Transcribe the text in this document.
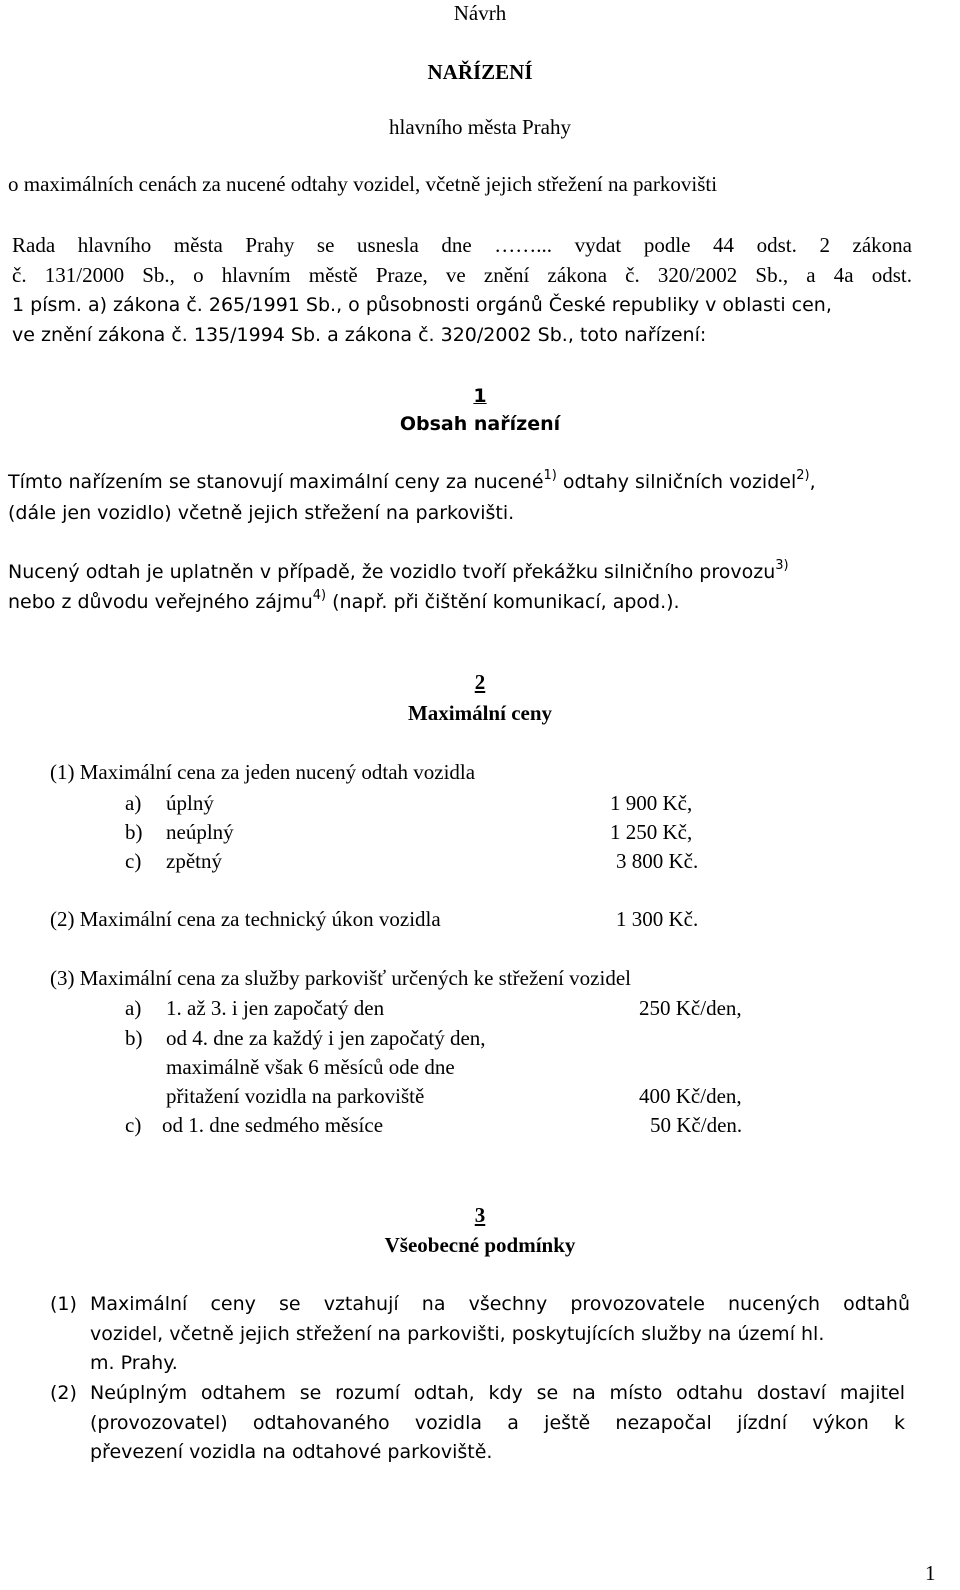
Návrh
NAŘÍZENÍ
hlavního města Prahy
o maximálních cenách za nucené odtahy vozidel, včetně jejich střežení na parkovišti
Rada hlavního města Prahy se usnesla dne ……... vydat podle 44 odst. 2 zákona
č. 131/2000 Sb., o hlavním městě Praze, ve znění zákona č. 320/2002 Sb., a 4a odst.
1 písm. a) zákona č. 265/1991 Sb., o působnosti orgánů České republiky v oblasti cen,
ve znění zákona č. 135/1994 Sb. a zákona č. 320/2002 Sb., toto nařízení:
1
Obsah nařízení
Tímto nařízením se stanovují maximální ceny za nucené$^{1)}$ odtahy silničních vozidel$^{2)}$,
(dále jen vozidlo) včetně jejich střežení na parkovišti.
Nucený odtah je uplatněn v případě, že vozidlo tvoří překážku silničního provozu$^{3)}$
nebo z důvodu veřejného zájmu$^{4)}$ (např. při čištění komunikací, apod.).
2
Maximální ceny
(1) Maximální cena za jeden nucený odtah vozidla
a) úplný	1 900 Kč,
b) neúplný	1 250 Kč,
c) zpětný	3 800 Kč.
(2) Maximální cena za technický úkon vozidla	1 300 Kč.
(3) Maximální cena za služby parkovišť určených ke střežení vozidel
a) 1. až 3. i jen započatý den	250 Kč/den,
b) od 4. dne za každý i jen započatý den,
maximálně však 6 měsíců ode dne
přitažení vozidla na parkoviště	400 Kč/den,
c) od 1. dne sedmého měsíce	50 Kč/den.
3
Všeobecné podmínky
(1) Maximální ceny se vztahují na všechny provozovatele nucených odtahů
vozidel, včetně jejich střežení na parkovišti, poskytujících služby na území hl.
m. Prahy.
(2) Neúplným odtahem se rozumí odtah, kdy se na místo odtahu dostaví majitel
(provozovatel) odtahovaného vozidla a ještě nezapočal jízdní výkon k
převezení vozidla na odtahové parkoviště.
1
